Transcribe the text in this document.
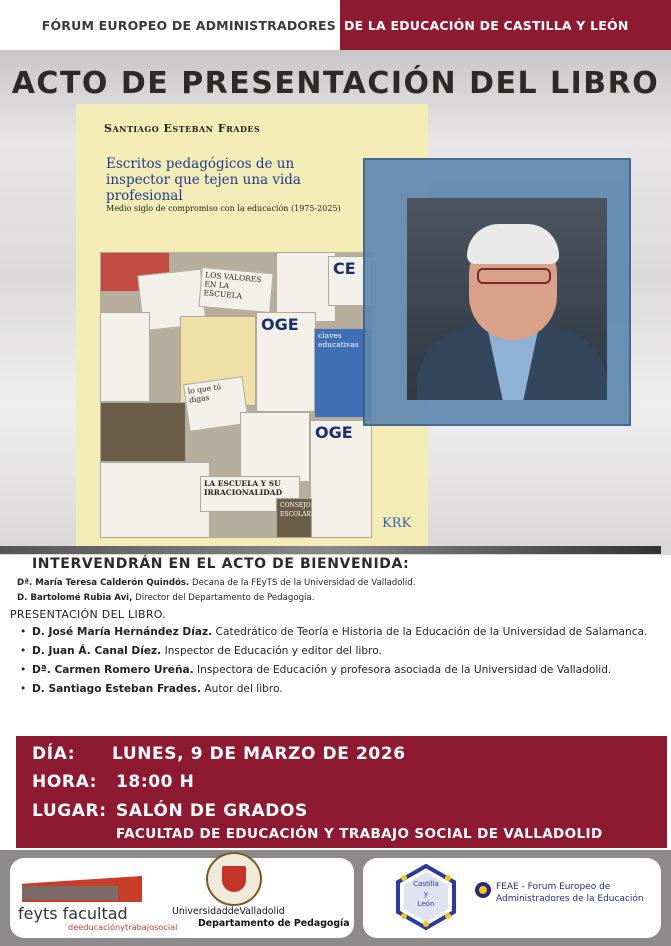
FÓRUM EUROPEO DE ADMINISTRADORES DE LA EDUCACIÓN DE CASTILLA Y LEÓN
ACTO DE PRESENTACIÓN DEL LIBRO
Santiago Esteban Frades
Escritos pedagógicos de un inspector que tejen una vida profesional
Medio siglo de compromiso con la educación (1975-2025)
LOS VALORES EN LA ESCUELA
CE
OGE
claves educativas
lo que tú digas
OGE
LA ESCUELA Y SU IRRACIONALIDAD
CONSEJO ESCOLAR
KRK
INTERVENDRÁN EN EL ACTO DE BIENVENIDA:
Dª. María Teresa Calderón Quindós. Decana de la FEyTS de la Universidad de Valladolid.
D. Bartolomé Rubia Avi, Director del Departamento de Pedagogía.
PRESENTACIÓN DEL LIBRO.
• D. José María Hernández Díaz. Catedrático de Teoría e Historia de la Educación de la Universidad de Salamanca.
• D. Juan Á. Canal Díez. Inspector de Educación y editor del libro.
• Dª. Carmen Romero Ureña. Inspectora de Educación y profesora asociada de la Universidad de Valladolid.
• D. Santiago Esteban Frades. Autor del libro.
DÍA: LUNES, 9 DE MARZO DE 2026
HORA: 18:00 H
LUGAR: SALÓN DE GRADOS
FACULTAD DE EDUCACIÓN Y TRABAJO SOCIAL DE VALLADOLID
feyts facultad
deeducaciónytrabajosocial
UniversidaddeValladolid
Departamento de Pedagogía
Castilla
y
León
FEAE - Forum Europeo de
Administradores de la Educación
